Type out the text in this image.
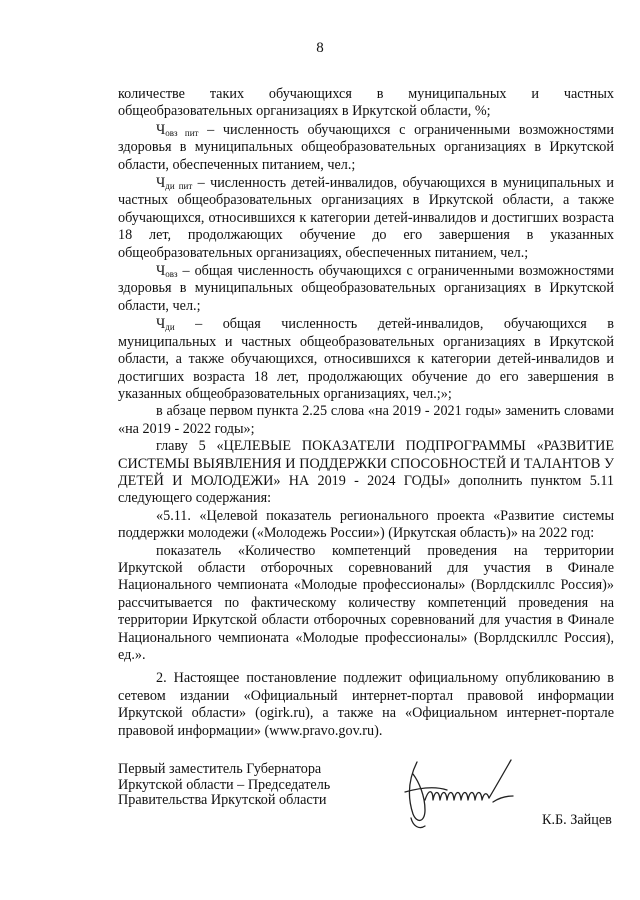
8

количестве таких обучающихся в муниципальных и частных общеобразовательных организациях в Иркутской области, %;

$Ч_{овз пит}$ – численность обучающихся с ограниченными возможностями здоровья в муниципальных общеобразовательных организациях в Иркутской области, обеспеченных питанием, чел.;

$Ч_{ди пит}$ – численность детей-инвалидов, обучающихся в муниципальных и частных общеобразовательных организациях в Иркутской области, а также обучающихся, относившихся к категории детей-инвалидов и достигших возраста 18 лет, продолжающих обучение до его завершения в указанных общеобразовательных организациях, обеспеченных питанием, чел.;

$Ч_{овз}$ – общая численность обучающихся с ограниченными возможностями здоровья в муниципальных общеобразовательных организациях в Иркутской области, чел.;

$Ч_{ди}$ – общая численность детей-инвалидов, обучающихся в муниципальных и частных общеобразовательных организациях в Иркутской области, а также обучающихся, относившихся к категории детей-инвалидов и достигших возраста 18 лет, продолжающих обучение до его завершения в указанных общеобразовательных организациях, чел.;»;

в абзаце первом пункта 2.25 слова «на 2019 - 2021 годы» заменить словами «на 2019 - 2022 годы»;

главу 5 «ЦЕЛЕВЫЕ ПОКАЗАТЕЛИ ПОДПРОГРАММЫ «РАЗВИТИЕ СИСТЕМЫ ВЫЯВЛЕНИЯ И ПОДДЕРЖКИ СПОСОБНОСТЕЙ И ТАЛАНТОВ У ДЕТЕЙ И МОЛОДЕЖИ» НА 2019 - 2024 ГОДЫ» дополнить пунктом 5.11 следующего содержания:

«5.11. «Целевой показатель регионального проекта «Развитие системы поддержки молодежи («Молодежь России») (Иркутская область)» на 2022 год:

показатель «Количество компетенций проведения на территории Иркутской области отборочных соревнований для участия в Финале Национального чемпионата «Молодые профессионалы» (Ворлдскиллс Россия)» рассчитывается по фактическому количеству компетенций проведения на территории Иркутской области отборочных соревнований для участия в Финале Национального чемпионата «Молодые профессионалы» (Ворлдскиллс Россия), ед.».

2. Настоящее постановление подлежит официальному опубликованию в сетевом издании «Официальный интернет-портал правовой информации Иркутской области» (ogirk.ru), а также на «Официальном интернет-портале правовой информации» (www.pravo.gov.ru).

Первый заместитель Губернатора
Иркутской области – Председатель
Правительства Иркутской области
К.Б. Зайцев
